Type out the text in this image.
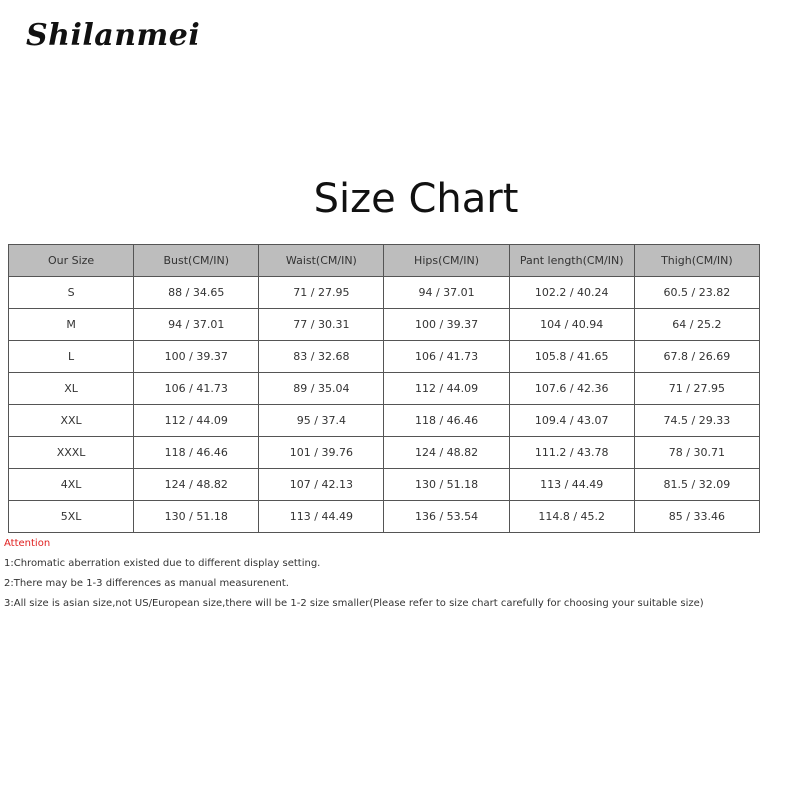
Shilanmei
Size Chart
Our Size	Bust(CM/IN)	Waist(CM/IN)	Hips(CM/IN)	Pant length(CM/IN)	Thigh(CM/IN)
S	88 / 34.65	71 / 27.95	94 / 37.01	102.2 / 40.24	60.5 / 23.82
M	94 / 37.01	77 / 30.31	100 / 39.37	104 / 40.94	64 / 25.2
L	100 / 39.37	83 / 32.68	106 / 41.73	105.8 / 41.65	67.8 / 26.69
XL	106 / 41.73	89 / 35.04	112 / 44.09	107.6 / 42.36	71 / 27.95
XXL	112 / 44.09	95 / 37.4	118 / 46.46	109.4 / 43.07	74.5 / 29.33
XXXL	118 / 46.46	101 / 39.76	124 / 48.82	111.2 / 43.78	78 / 30.71
4XL	124 / 48.82	107 / 42.13	130 / 51.18	113 / 44.49	81.5 / 32.09
5XL	130 / 51.18	113 / 44.49	136 / 53.54	114.8 / 45.2	85 / 33.46
Attention
1:Chromatic aberration existed due to different display setting.
2:There may be 1-3 differences as manual measurenent.
3:All size is asian size,not US/European size,there will be 1-2 size smaller(Please refer to size chart carefully for choosing your suitable size)
